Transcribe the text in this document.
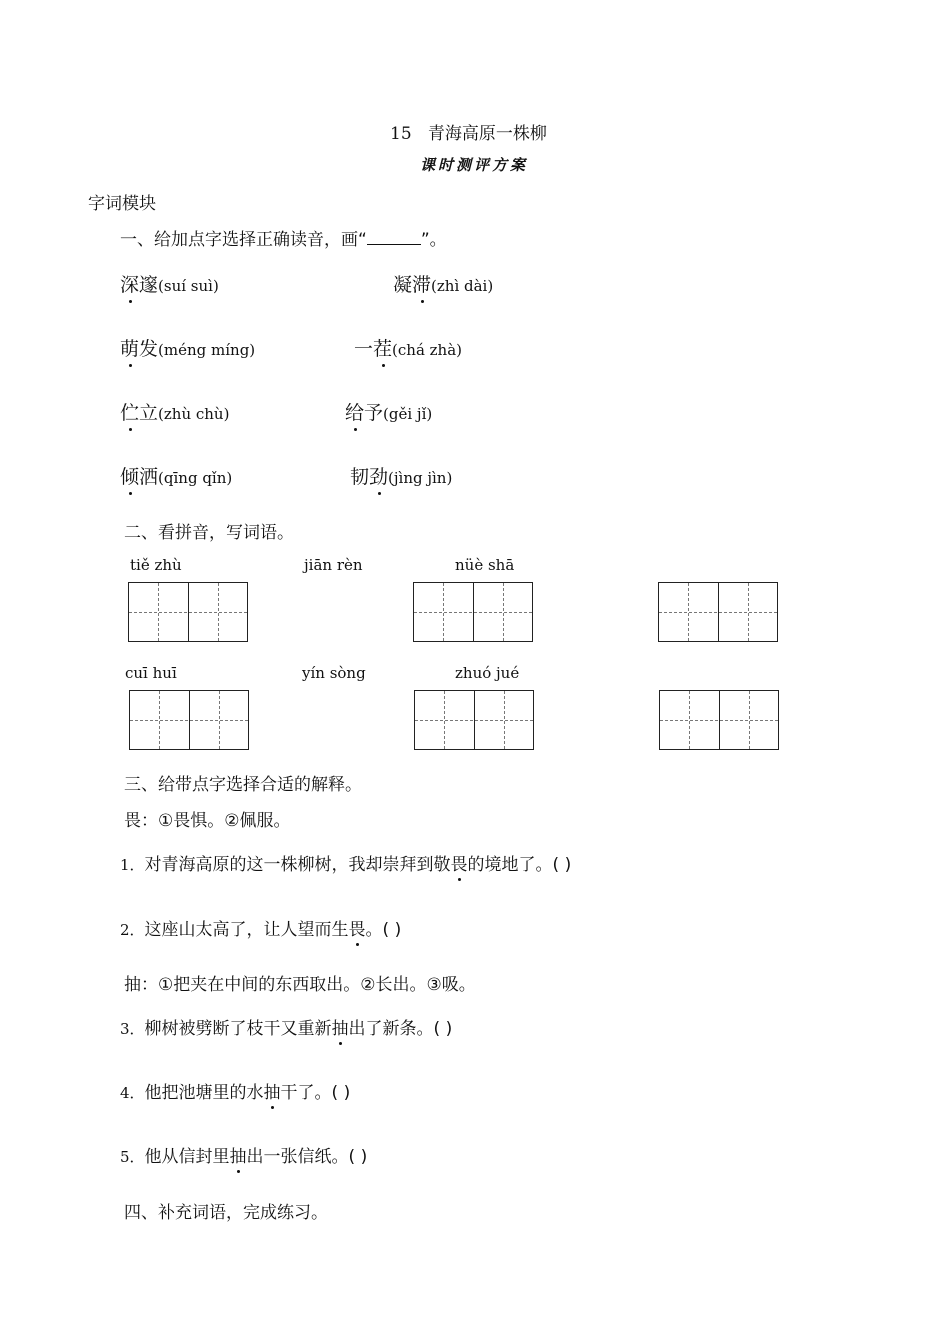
15 青海高原一株柳
课时测评方案
字词模块
一、给加点字选择正确读音，画“	”。
深邃(suí suì)	凝滞(zhì dài)
萌发(méng míng)	一茬(chá zhà)
伫立(zhù chù)	给予(gěi jǐ)
倾洒(qīng qǐn)	韧劲(jìng jìn)
二、看拼音，写词语。
tiě zhù	jiān rèn	nüè shā
cuī huī	yín sòng	zhuó jué
三、给带点字选择合适的解释。
畏：①畏惧。②佩服。
1．对青海高原的这一株柳树，我却崇拜到敬畏的境地了。( )
2．这座山太高了，让人望而生畏。( )
抽：①把夹在中间的东西取出。②长出。③吸。
3．柳树被劈断了枝干又重新抽出了新条。( )
4．他把池塘里的水抽干了。( )
5．他从信封里抽出一张信纸。( )
四、补充词语，完成练习。
